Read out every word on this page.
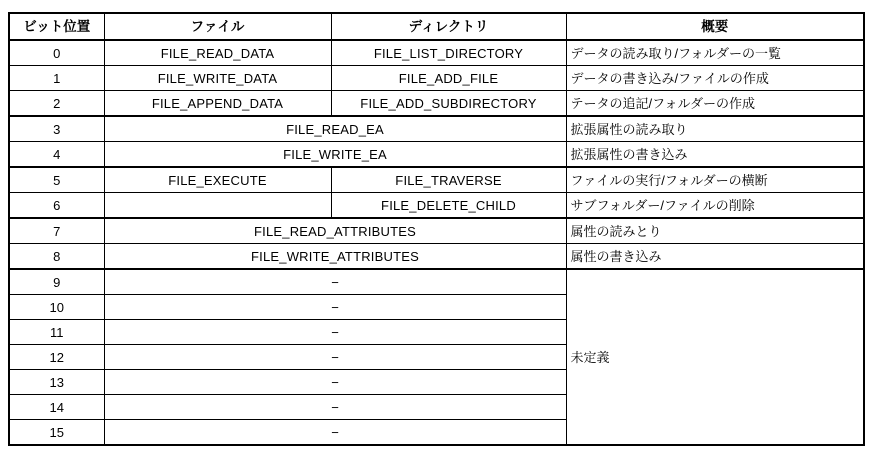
ビット位置	ファイル	ディレクトリ	概要
0	FILE_READ_DATA	FILE_LIST_DIRECTORY	データの読み取り/フォルダーの一覧
1	FILE_WRITE_DATA	FILE_ADD_FILE	データの書き込み/ファイルの作成
2	FILE_APPEND_DATA	FILE_ADD_SUBDIRECTORY	テータの追記/フォルダーの作成
3	FILE_READ_EA		拡張属性の読み取り
4	FILE_WRITE_EA		拡張属性の書き込み
5	FILE_EXECUTE	FILE_TRAVERSE	ファイルの実行/フォルダーの横断
6		FILE_DELETE_CHILD	サブフォルダー/ファイルの削除
7	FILE_READ_ATTRIBUTES		属性の読みとり
8	FILE_WRITE_ATTRIBUTES		属性の書き込み
9	−		未定義
10	−		
11	−		
12	−		
13	−		
14	−		
15	−		
